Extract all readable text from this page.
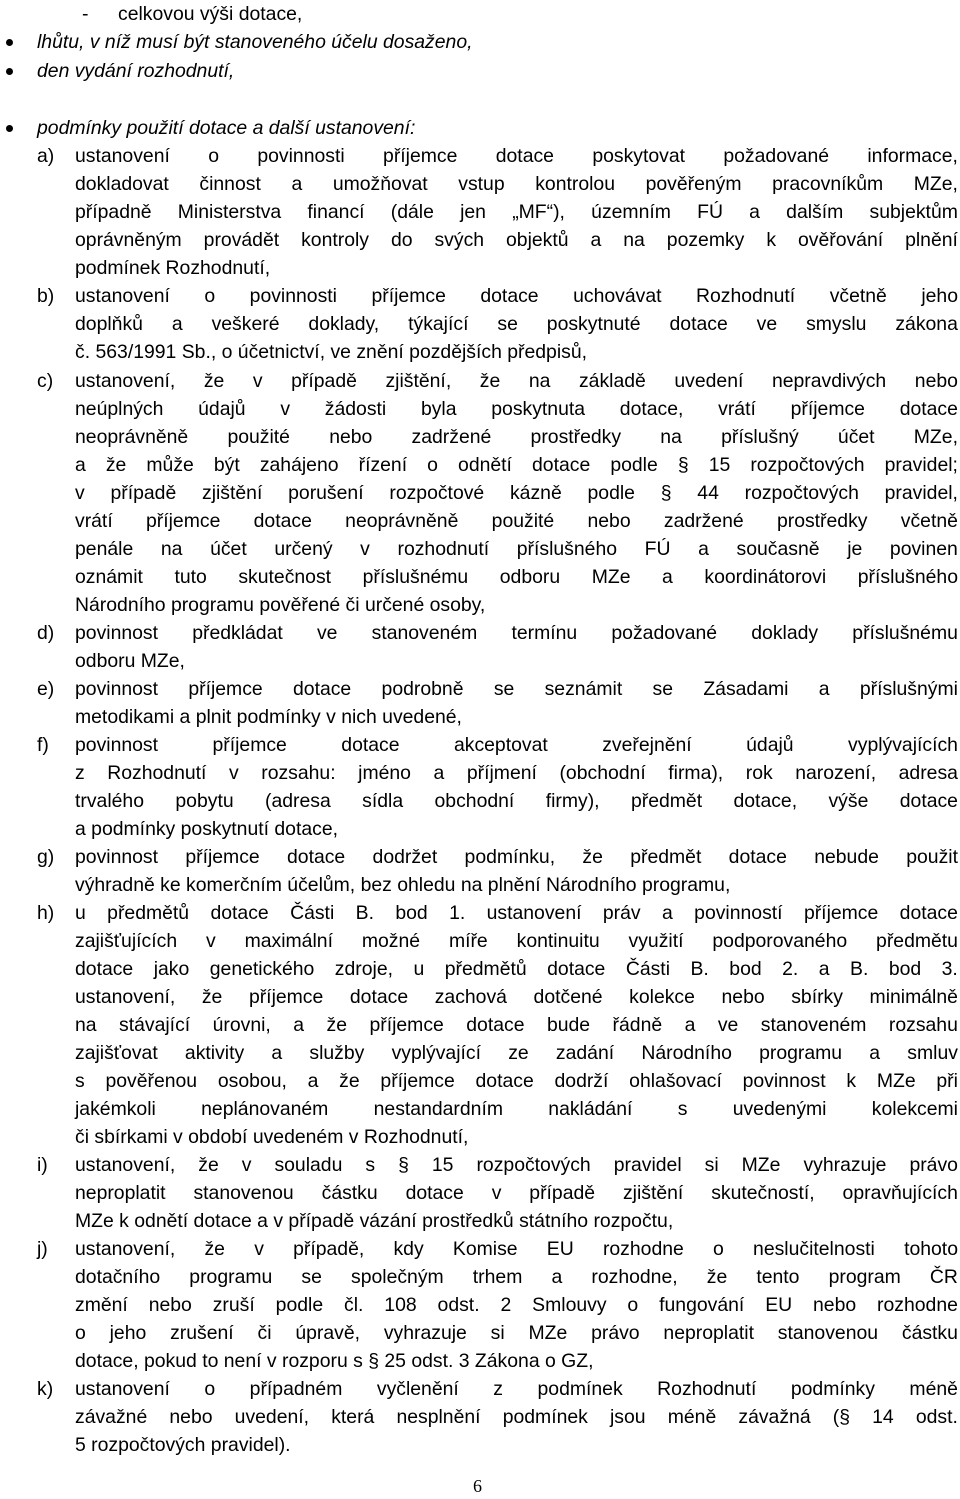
- celkovou výši dotace,
lhůtu, v níž musí být stanoveného účelu dosaženo,
den vydání rozhodnutí,
podmínky použití dotace a další ustanovení:
a) ustanovení o povinnosti příjemce dotace poskytovat požadované informace,
dokladovat činnost a umožňovat vstup kontrolou pověřeným pracovníkům MZe,
případně Ministerstva financí (dále jen „MF“), územním FÚ a dalším subjektům
oprávněným provádět kontroly do svých objektů a na pozemky k ověřování plnění
podmínek Rozhodnutí,
b) ustanovení o povinnosti příjemce dotace uchovávat Rozhodnutí včetně jeho
doplňků a veškeré doklady, týkající se poskytnuté dotace ve smyslu zákona
č. 563/1991 Sb., o účetnictví, ve znění pozdějších předpisů,
c) ustanovení, že v případě zjištění, že na základě uvedení nepravdivých nebo
neúplných údajů v žádosti byla poskytnuta dotace, vrátí příjemce dotace
neoprávněně použité nebo zadržené prostředky na příslušný účet MZe,
a že může být zahájeno řízení o odnětí dotace podle § 15 rozpočtových pravidel;
v případě zjištění porušení rozpočtové kázně podle § 44 rozpočtových pravidel,
vrátí příjemce dotace neoprávněně použité nebo zadržené prostředky včetně
penále na účet určený v rozhodnutí příslušného FÚ a současně je povinen
oznámit tuto skutečnost příslušnému odboru MZe a koordinátorovi příslušného
Národního programu pověřené či určené osoby,
d) povinnost předkládat ve stanoveném termínu požadované doklady příslušnému
odboru MZe,
e) povinnost příjemce dotace podrobně se seznámit se Zásadami a příslušnými
metodikami a plnit podmínky v nich uvedené,
f) povinnost	příjemce	dotace	akceptovat	zveřejnění	údajů	vyplývajících
z Rozhodnutí v rozsahu: jméno a příjmení (obchodní firma), rok narození, adresa
trvalého pobytu (adresa sídla obchodní firmy), předmět dotace, výše dotace
a podmínky poskytnutí dotace,
g) povinnost příjemce dotace dodržet podmínku, že předmět dotace nebude použit
výhradně ke komerčním účelům, bez ohledu na plnění Národního programu,
h) u předmětů dotace Části B. bod 1. ustanovení práv a povinností příjemce dotace
zajišťujících v maximální možné míře kontinuitu využití podporovaného předmětu
dotace jako genetického zdroje, u předmětů dotace Části B. bod 2. a B. bod 3.
ustanovení, že příjemce dotace zachová dotčené kolekce nebo sbírky minimálně
na stávající úrovni, a že příjemce dotace bude řádně a ve stanoveném rozsahu
zajišťovat aktivity a služby vyplývající ze zadání Národního programu a smluv
s pověřenou osobou, a že příjemce dotace dodrží ohlašovací povinnost k MZe při
jakémkoli neplánovaném nestandardním nakládání s uvedenými kolekcemi
či sbírkami v období uvedeném v Rozhodnutí,
i) ustanovení, že v souladu s § 15 rozpočtových pravidel si MZe vyhrazuje právo
neproplatit stanovenou částku dotace v případě zjištění skutečností, opravňujících
MZe k odnětí dotace a v případě vázání prostředků státního rozpočtu,
j) ustanovení, že v případě, kdy Komise EU rozhodne o neslučitelnosti tohoto
dotačního programu se společným trhem a rozhodne, že tento program ČR
změní nebo zruší podle čl. 108 odst. 2 Smlouvy o fungování EU nebo rozhodne
o jeho zrušení či úpravě, vyhrazuje si MZe právo neproplatit stanovenou částku
dotace, pokud to není v rozporu s § 25 odst. 3 Zákona o GZ,
k) ustanovení o případném vyčlenění z podmínek Rozhodnutí podmínky méně
závažné nebo uvedení, která nesplnění podmínek jsou méně závažná (§ 14 odst.
5 rozpočtových pravidel).
6
